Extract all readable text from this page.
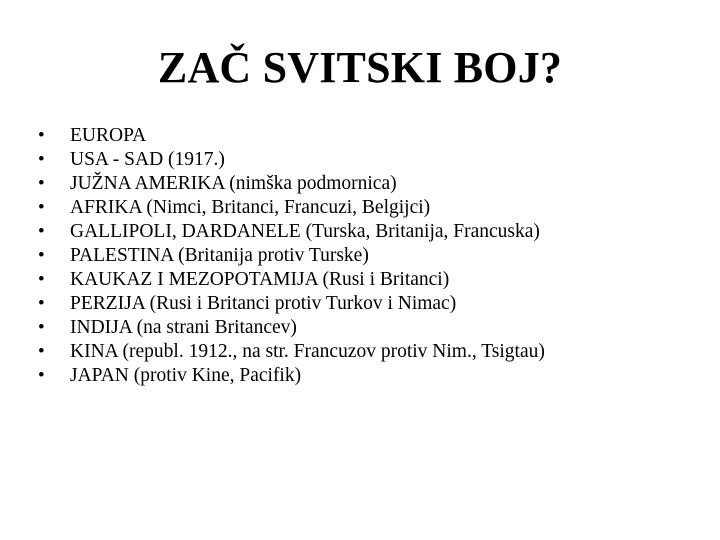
ZAČ SVITSKI BOJ?
•	EUROPA
•	USA - SAD (1917.)
•	JUŽNA AMERIKA (nimška podmornica)
•	AFRIKA (Nimci, Britanci, Francuzi, Belgijci)
•	GALLIPOLI, DARDANELE (Turska, Britanija, Francuska)
•	PALESTINA (Britanija protiv Turske)
•	KAUKAZ I MEZOPOTAMIJA (Rusi i Britanci)
•	PERZIJA (Rusi i Britanci protiv Turkov i Nimac)
•	INDIJA (na strani Britancev)
•	KINA (republ. 1912., na str. Francuzov protiv Nim., Tsigtau)
•	JAPAN (protiv Kine, Pacifik)
